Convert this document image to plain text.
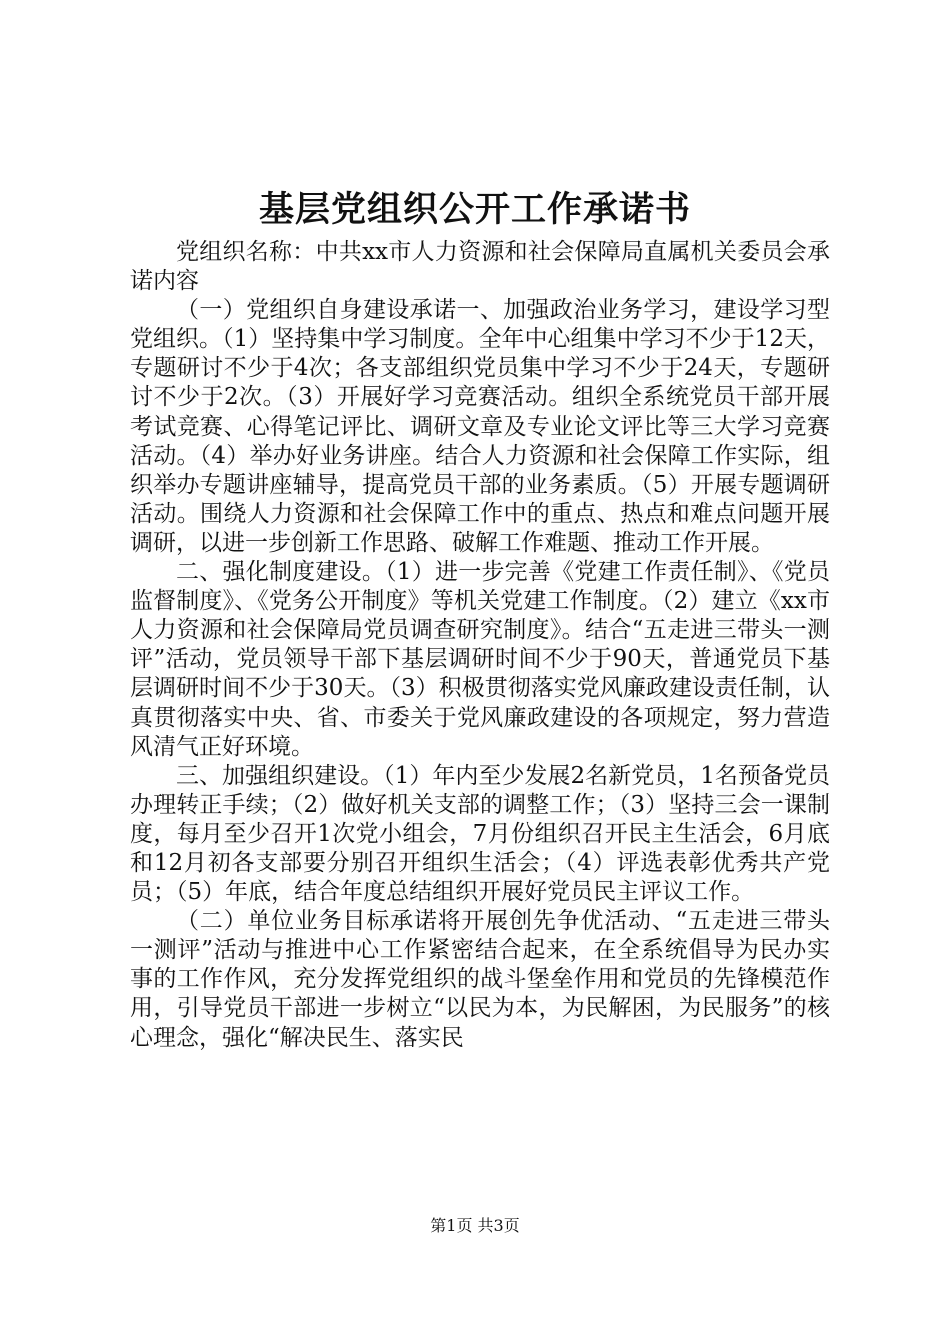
基层党组织公开工作承诺书

党组织名称：中共xx市人力资源和社会保障局直属机关委员会承诺内容

（一）党组织自身建设承诺一、加强政治业务学习，建设学习型党组织。（1）坚持集中学习制度。全年中心组集中学习不少于12天，专题研讨不少于4次；各支部组织党员集中学习不少于24天，专题研讨不少于2次。（3）开展好学习竞赛活动。组织全系统党员干部开展考试竞赛、心得笔记评比、调研文章及专业论文评比等三大学习竞赛活动。（4）举办好业务讲座。结合人力资源和社会保障工作实际，组织举办专题讲座辅导，提高党员干部的业务素质。（5）开展专题调研活动。围绕人力资源和社会保障工作中的重点、热点和难点问题开展调研，以进一步创新工作思路、破解工作难题、推动工作开展。

二、强化制度建设。（1）进一步完善《党建工作责任制》、《党员监督制度》、《党务公开制度》等机关党建工作制度。（2）建立《xx市人力资源和社会保障局党员调查研究制度》。结合“五走进三带头一测评”活动，党员领导干部下基层调研时间不少于90天，普通党员下基层调研时间不少于30天。（3）积极贯彻落实党风廉政建设责任制，认真贯彻落实中央、省、市委关于党风廉政建设的各项规定，努力营造风清气正好环境。

三、加强组织建设。（1）年内至少发展2名新党员，1名预备党员办理转正手续；（2）做好机关支部的调整工作；（3）坚持三会一课制度，每月至少召开1次党小组会，7月份组织召开民主生活会，6月底和12月初各支部要分别召开组织生活会；（4）评选表彰优秀共产党员；（5）年底，结合年度总结组织开展好党员民主评议工作。

（二）单位业务目标承诺将开展创先争优活动、“五走进三带头一测评”活动与推进中心工作紧密结合起来，在全系统倡导为民办实事的工作作风，充分发挥党组织的战斗堡垒作用和党员的先锋模范作用，引导党员干部进一步树立“以民为本，为民解困，为民服务”的核心理念，强化“解决民生、落实民

第1页 共3页
